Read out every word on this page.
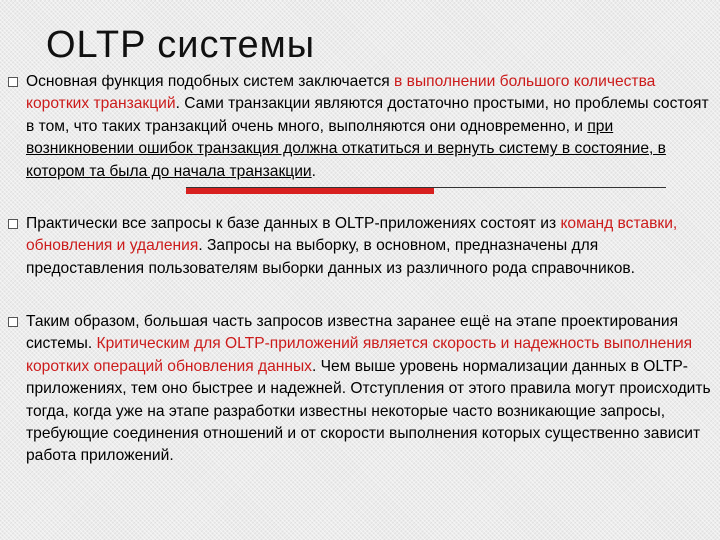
OLTP системы
Основная функция подобных систем заключается в выполнении большого количества коротких транзакций. Сами транзакции являются достаточно простыми, но проблемы состоят в том, что таких транзакций очень много, выполняются они одновременно, и при возникновении ошибок транзакция должна откатиться и вернуть систему в состояние, в котором та была до начала транзакции.
Практически все запросы к базе данных в OLTP-приложениях состоят из команд вставки, обновления и удаления. Запросы на выборку, в основном, предназначены для предоставления пользователям выборки данных из различного рода справочников.
Таким образом, большая часть запросов известна заранее ещё на этапе проектирования системы. Критическим для OLTP-приложений является скорость и надежность выполнения коротких операций обновления данных. Чем выше уровень нормализации данных в OLTP-приложениях, тем оно быстрее и надежней. Отступления от этого правила могут происходить тогда, когда уже на этапе разработки известны некоторые часто возникающие запросы, требующие соединения отношений и от скорости выполнения которых существенно зависит работа приложений.
